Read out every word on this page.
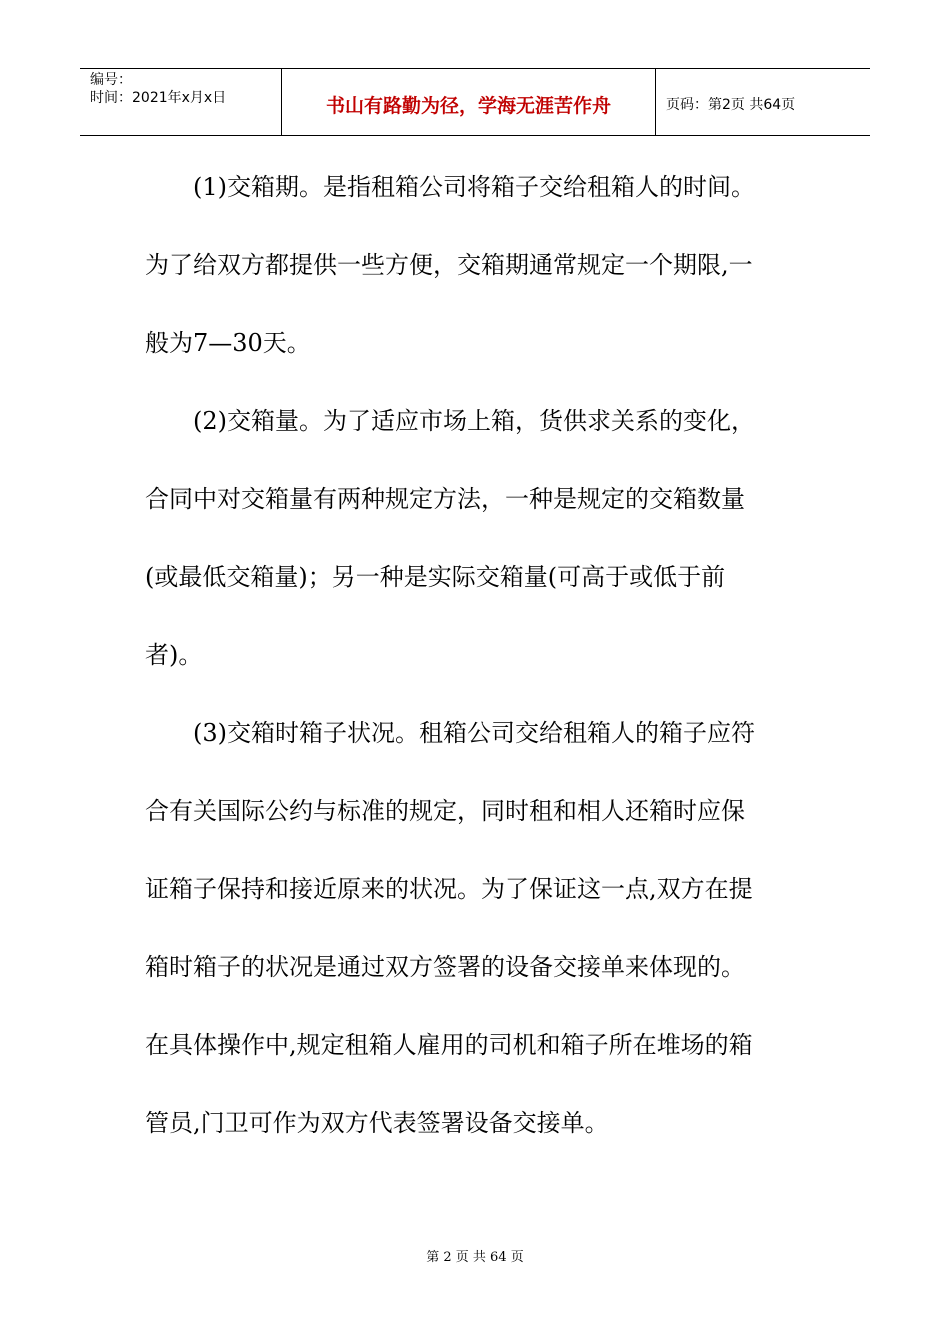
编号：
时间：2021年x月x日	书山有路勤为径，学海无涯苦作舟	页码：第2页 共64页
(1)交箱期。是指租箱公司将箱子交给租箱人的时间。
为了给双方都提供一些方便，交箱期通常规定一个期限,一
般为7—30天。
(2)交箱量。为了适应市场上箱，货供求关系的变化，
合同中对交箱量有两种规定方法，一种是规定的交箱数量
(或最低交箱量)；另一种是实际交箱量(可高于或低于前
者)。
(3)交箱时箱子状况。租箱公司交给租箱人的箱子应符
合有关国际公约与标准的规定，同时租和相人还箱时应保
证箱子保持和接近原来的状况。为了保证这一点,双方在提
箱时箱子的状况是通过双方签署的设备交接单来体现的。
在具体操作中,规定租箱人雇用的司机和箱子所在堆场的箱
管员,门卫可作为双方代表签署设备交接单。
第 2 页 共 64 页
